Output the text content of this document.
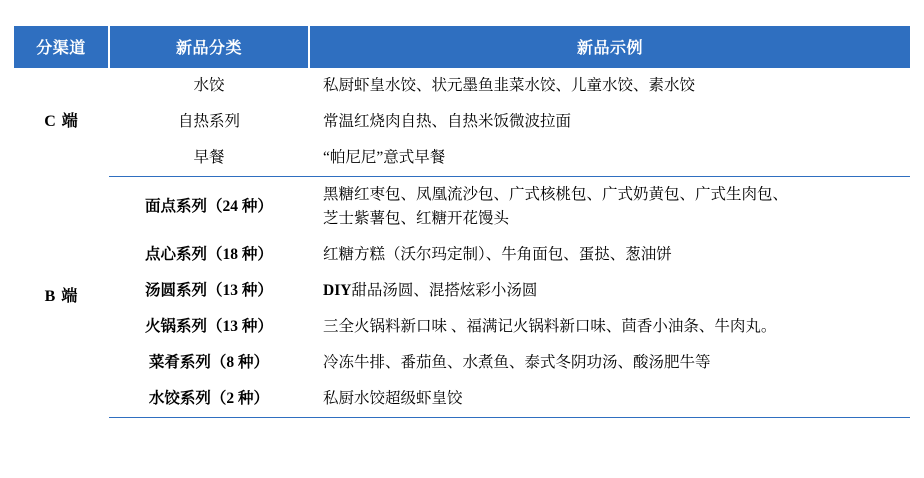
分渠道	新品分类	新品示例
C 端	水饺	私厨虾皇水饺、状元墨鱼韭菜水饺、儿童水饺、素水饺

	自热系列	常温红烧肉自热、自热米饭微波拉面

	早餐	“帕尼尼”意式早餐

B 端	面点系列（24 种）	黑糖红枣包、凤凰流沙包、广式核桃包、广式奶黄包、广式生肉包、
芝士紫薯包、红糖开花馒头

	点心系列（18 种）	红糖方糕（沃尔玛定制）、牛角面包、蛋挞、葱油饼

	汤圆系列（13 种）	DIY甜品汤圆、混搭炫彩小汤圆
	火锅系列（13 种）	三全火锅料新口味 、福满记火锅料新口味、茴香小油条、牛肉丸。

	菜肴系列（8 种）	冷冻牛排、番茄鱼、水煮鱼、泰式冬阴功汤、酸汤肥牛等

	水饺系列（2 种）	私厨水饺超级虾皇饺
